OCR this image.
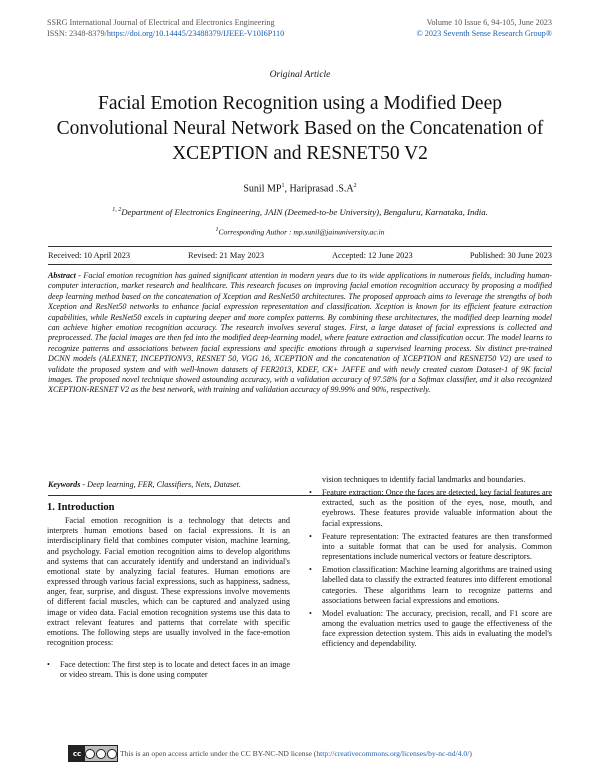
SSRG International Journal of Electrical and Electronics Engineering
ISSN: 2348-8379/https://doi.org/10.14445/23488379/IJEEE-V10I6P110
Volume 10 Issue 6, 94-105, June 2023
© 2023 Seventh Sense Research Group®
Original Article
Facial Emotion Recognition using a Modified Deep Convolutional Neural Network Based on the Concatenation of XCEPTION and RESNET50 V2
Sunil $MP^1$, Hariprasad $.S.A^2$
$^{1, 2}$Department of Electronics Engineering, JAIN (Deemed-to-be University), Bengaluru, Karnataka, India.
$^1$Corresponding Author : mp.sunil@jainuniversity.ac.in
Received: 10 April 2023	Revised: 21 May 2023	Accepted: 12 June 2023	Published: 30 June 2023
Abstract - Facial emotion recognition has gained significant attention in modern years due to its wide applications in numerous fields, including human-computer interaction, market research and healthcare. This research focuses on improving facial emotion recognition accuracy by proposing a modified deep learning method based on the concatenation of Xception and ResNet50 architectures. The proposed approach aims to leverage the strengths of both Xception and ResNet50 networks to enhance facial expression representation and classification. Xception is known for its efficient feature extraction capabilities, while ResNet50 excels in capturing deeper and more complex patterns. By combining these architectures, the modified deep learning model can achieve higher emotion recognition accuracy. The research involves several stages. First, a large dataset of facial expressions is collected and preprocessed. The facial images are then fed into the modified deep-learning model, where feature extraction and classification occur. The model learns to recognize patterns and associations between facial expressions and specific emotions through a supervised learning process. Six distinct pre-trained DCNN models (ALEXNET, INCEPTIONV3, RESNET 50, VGG 16, XCEPTION and the concatenation of XCEPTION and RESNET50 V2) are used to validate the proposed system and with well-known datasets of FER2013, KDEF, CK+ JAFFE and with newly created custom Dataset-1 of 9K facial images. The proposed novel technique showed astounding accuracy, with a validation accuracy of 97.58% for a Softmax classifier, and it also recognized XCEPTION-RESNET V2 as the best network, with training and validation accuracy of 99.99% and 90%, respectively.
Keywords - Deep learning, FER, Classifiers, Nets, Dataset.
1. Introduction

Facial emotion recognition is a technology that detects and interprets human emotions based on facial expressions. It is an interdisciplinary field that combines computer vision, machine learning, and psychology. Facial emotion recognition aims to develop algorithms and systems that can accurately identify and understand an individual's emotional state by analyzing facial features. Human emotions are expressed through various facial expressions, such as happiness, sadness, anger, fear, surprise, and disgust. These expressions involve movements of different facial muscles, which can be captured and analyzed using image or video data. Facial emotion recognition systems use this data to extract relevant features and patterns that correlate with specific emotions. The following steps are usually involved in the face-emotion recognition process:

• Face detection: The first step is to locate and detect faces in an image or video stream. This is done using computer

vision techniques to identify facial landmarks and boundaries.

• Feature extraction: Once the faces are detected, key facial features are extracted, such as the position of the eyes, nose, mouth, and eyebrows. These features provide valuable information about the facial expressions.
• Feature representation: The extracted features are then transformed into a suitable format that can be used for analysis. Common representations include numerical vectors or feature descriptors.
• Emotion classification: Machine learning algorithms are trained using labelled data to classify the extracted features into different emotional categories. These algorithms learn to recognize patterns and associations between facial expressions and emotions.
• Model evaluation: The accuracy, precision, recall, and F1 score are among the evaluation metrics used to gauge the effectiveness of the face expression detection system. This aids in evaluating the model's efficiency and dependability.
cc	This is an open access article under the CC BY-NC-ND license (http://creativecommons.org/licenses/by-nc-nd/4.0/)
